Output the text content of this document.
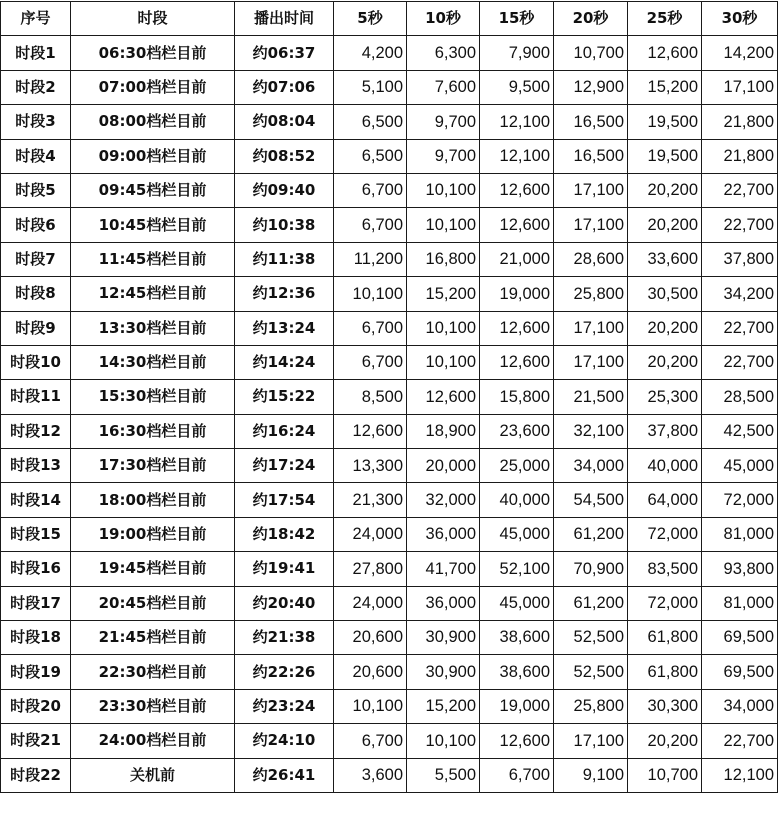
序号	时段	播出时间	5秒	10秒	15秒	20秒	25秒	30秒
时段1	06:30档栏目前	约06:37	4,200	6,300	7,900	10,700	12,600	14,200
时段2	07:00档栏目前	约07:06	5,100	7,600	9,500	12,900	15,200	17,100
时段3	08:00档栏目前	约08:04	6,500	9,700	12,100	16,500	19,500	21,800
时段4	09:00档栏目前	约08:52	6,500	9,700	12,100	16,500	19,500	21,800
时段5	09:45档栏目前	约09:40	6,700	10,100	12,600	17,100	20,200	22,700
时段6	10:45档栏目前	约10:38	6,700	10,100	12,600	17,100	20,200	22,700
时段7	11:45档栏目前	约11:38	11,200	16,800	21,000	28,600	33,600	37,800
时段8	12:45档栏目前	约12:36	10,100	15,200	19,000	25,800	30,500	34,200
时段9	13:30档栏目前	约13:24	6,700	10,100	12,600	17,100	20,200	22,700
时段10	14:30档栏目前	约14:24	6,700	10,100	12,600	17,100	20,200	22,700
时段11	15:30档栏目前	约15:22	8,500	12,600	15,800	21,500	25,300	28,500
时段12	16:30档栏目前	约16:24	12,600	18,900	23,600	32,100	37,800	42,500
时段13	17:30档栏目前	约17:24	13,300	20,000	25,000	34,000	40,000	45,000
时段14	18:00档栏目前	约17:54	21,300	32,000	40,000	54,500	64,000	72,000
时段15	19:00档栏目前	约18:42	24,000	36,000	45,000	61,200	72,000	81,000
时段16	19:45档栏目前	约19:41	27,800	41,700	52,100	70,900	83,500	93,800
时段17	20:45档栏目前	约20:40	24,000	36,000	45,000	61,200	72,000	81,000
时段18	21:45档栏目前	约21:38	20,600	30,900	38,600	52,500	61,800	69,500
时段19	22:30档栏目前	约22:26	20,600	30,900	38,600	52,500	61,800	69,500
时段20	23:30档栏目前	约23:24	10,100	15,200	19,000	25,800	30,300	34,000
时段21	24:00档栏目前	约24:10	6,700	10,100	12,600	17,100	20,200	22,700
时段22	关机前	约26:41	3,600	5,500	6,700	9,100	10,700	12,100
